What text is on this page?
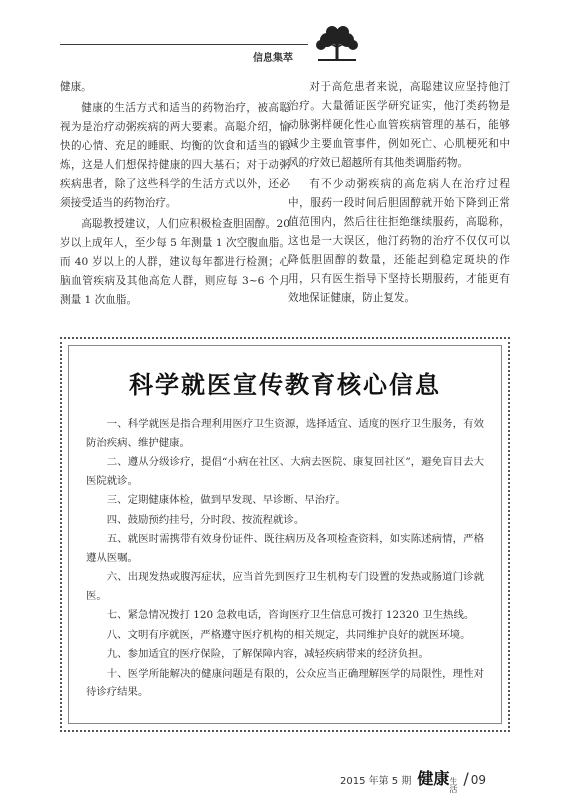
信息集萃

健康。

健康的生活方式和适当的药物治疗，被高聪视为是治疗动粥疾病的两大要素。高聪介绍，愉快的心情、充足的睡眠、均衡的饮食和适当的锻炼，这是人们想保持健康的四大基石；对于动粥疾病患者，除了这些科学的生活方式以外，还必须接受适当的药物治疗。

高聪教授建议，人们应积极检查胆固醇。20 岁以上成年人，至少每 5 年测量 1 次空腹血脂。而 40 岁以上的人群，建议每年都进行检测；心脑血管疾病及其他高危人群，则应每 3~6 个月测量 1 次血脂。

对于高危患者来说，高聪建议应坚持他汀治疗。大量循证医学研究证实，他汀类药物是动脉粥样硬化性心血管疾病管理的基石，能够减少主要血管事件，例如死亡、心肌梗死和中风的疗效已超越所有其他类调脂药物。

有不少动粥疾病的高危病人在治疗过程中，服药一段时间后胆固醇就开始下降到正常值范围内，然后往往拒绝继续服药，高聪称，这也是一大误区，他汀药物的治疗不仅仅可以降低胆固醇的数量，还能起到稳定斑块的作用，只有医生指导下坚持长期服药，才能更有效地保证健康，防止复发。

科学就医宣传教育核心信息
一、科学就医是指合理利用医疗卫生资源，选择适宜、适度的医疗卫生服务，有效防治疾病、维护健康。
二、遵从分级诊疗，提倡“小病在社区、大病去医院、康复回社区”，避免盲目去大医院就诊。
三、定期健康体检，做到早发现、早诊断、早治疗。
四、鼓励预约挂号，分时段、按流程就诊。
五、就医时需携带有效身份证件、既往病历及各项检查资料，如实陈述病情，严格遵从医嘱。
六、出现发热或腹泻症状，应当首先到医疗卫生机构专门设置的发热或肠道门诊就医。
七、紧急情况拨打 120 急救电话，咨询医疗卫生信息可拨打 12320 卫生热线。
八、文明有序就医，严格遵守医疗机构的相关规定，共同维护良好的就医环境。
九、参加适宜的医疗保险，了解保障内容，减轻疾病带来的经济负担。
十、医学所能解决的健康问题是有限的，公众应当正确理解医学的局限性，理性对待诊疗结果。
2015 年第 5 期 健康 生活
/ 09
